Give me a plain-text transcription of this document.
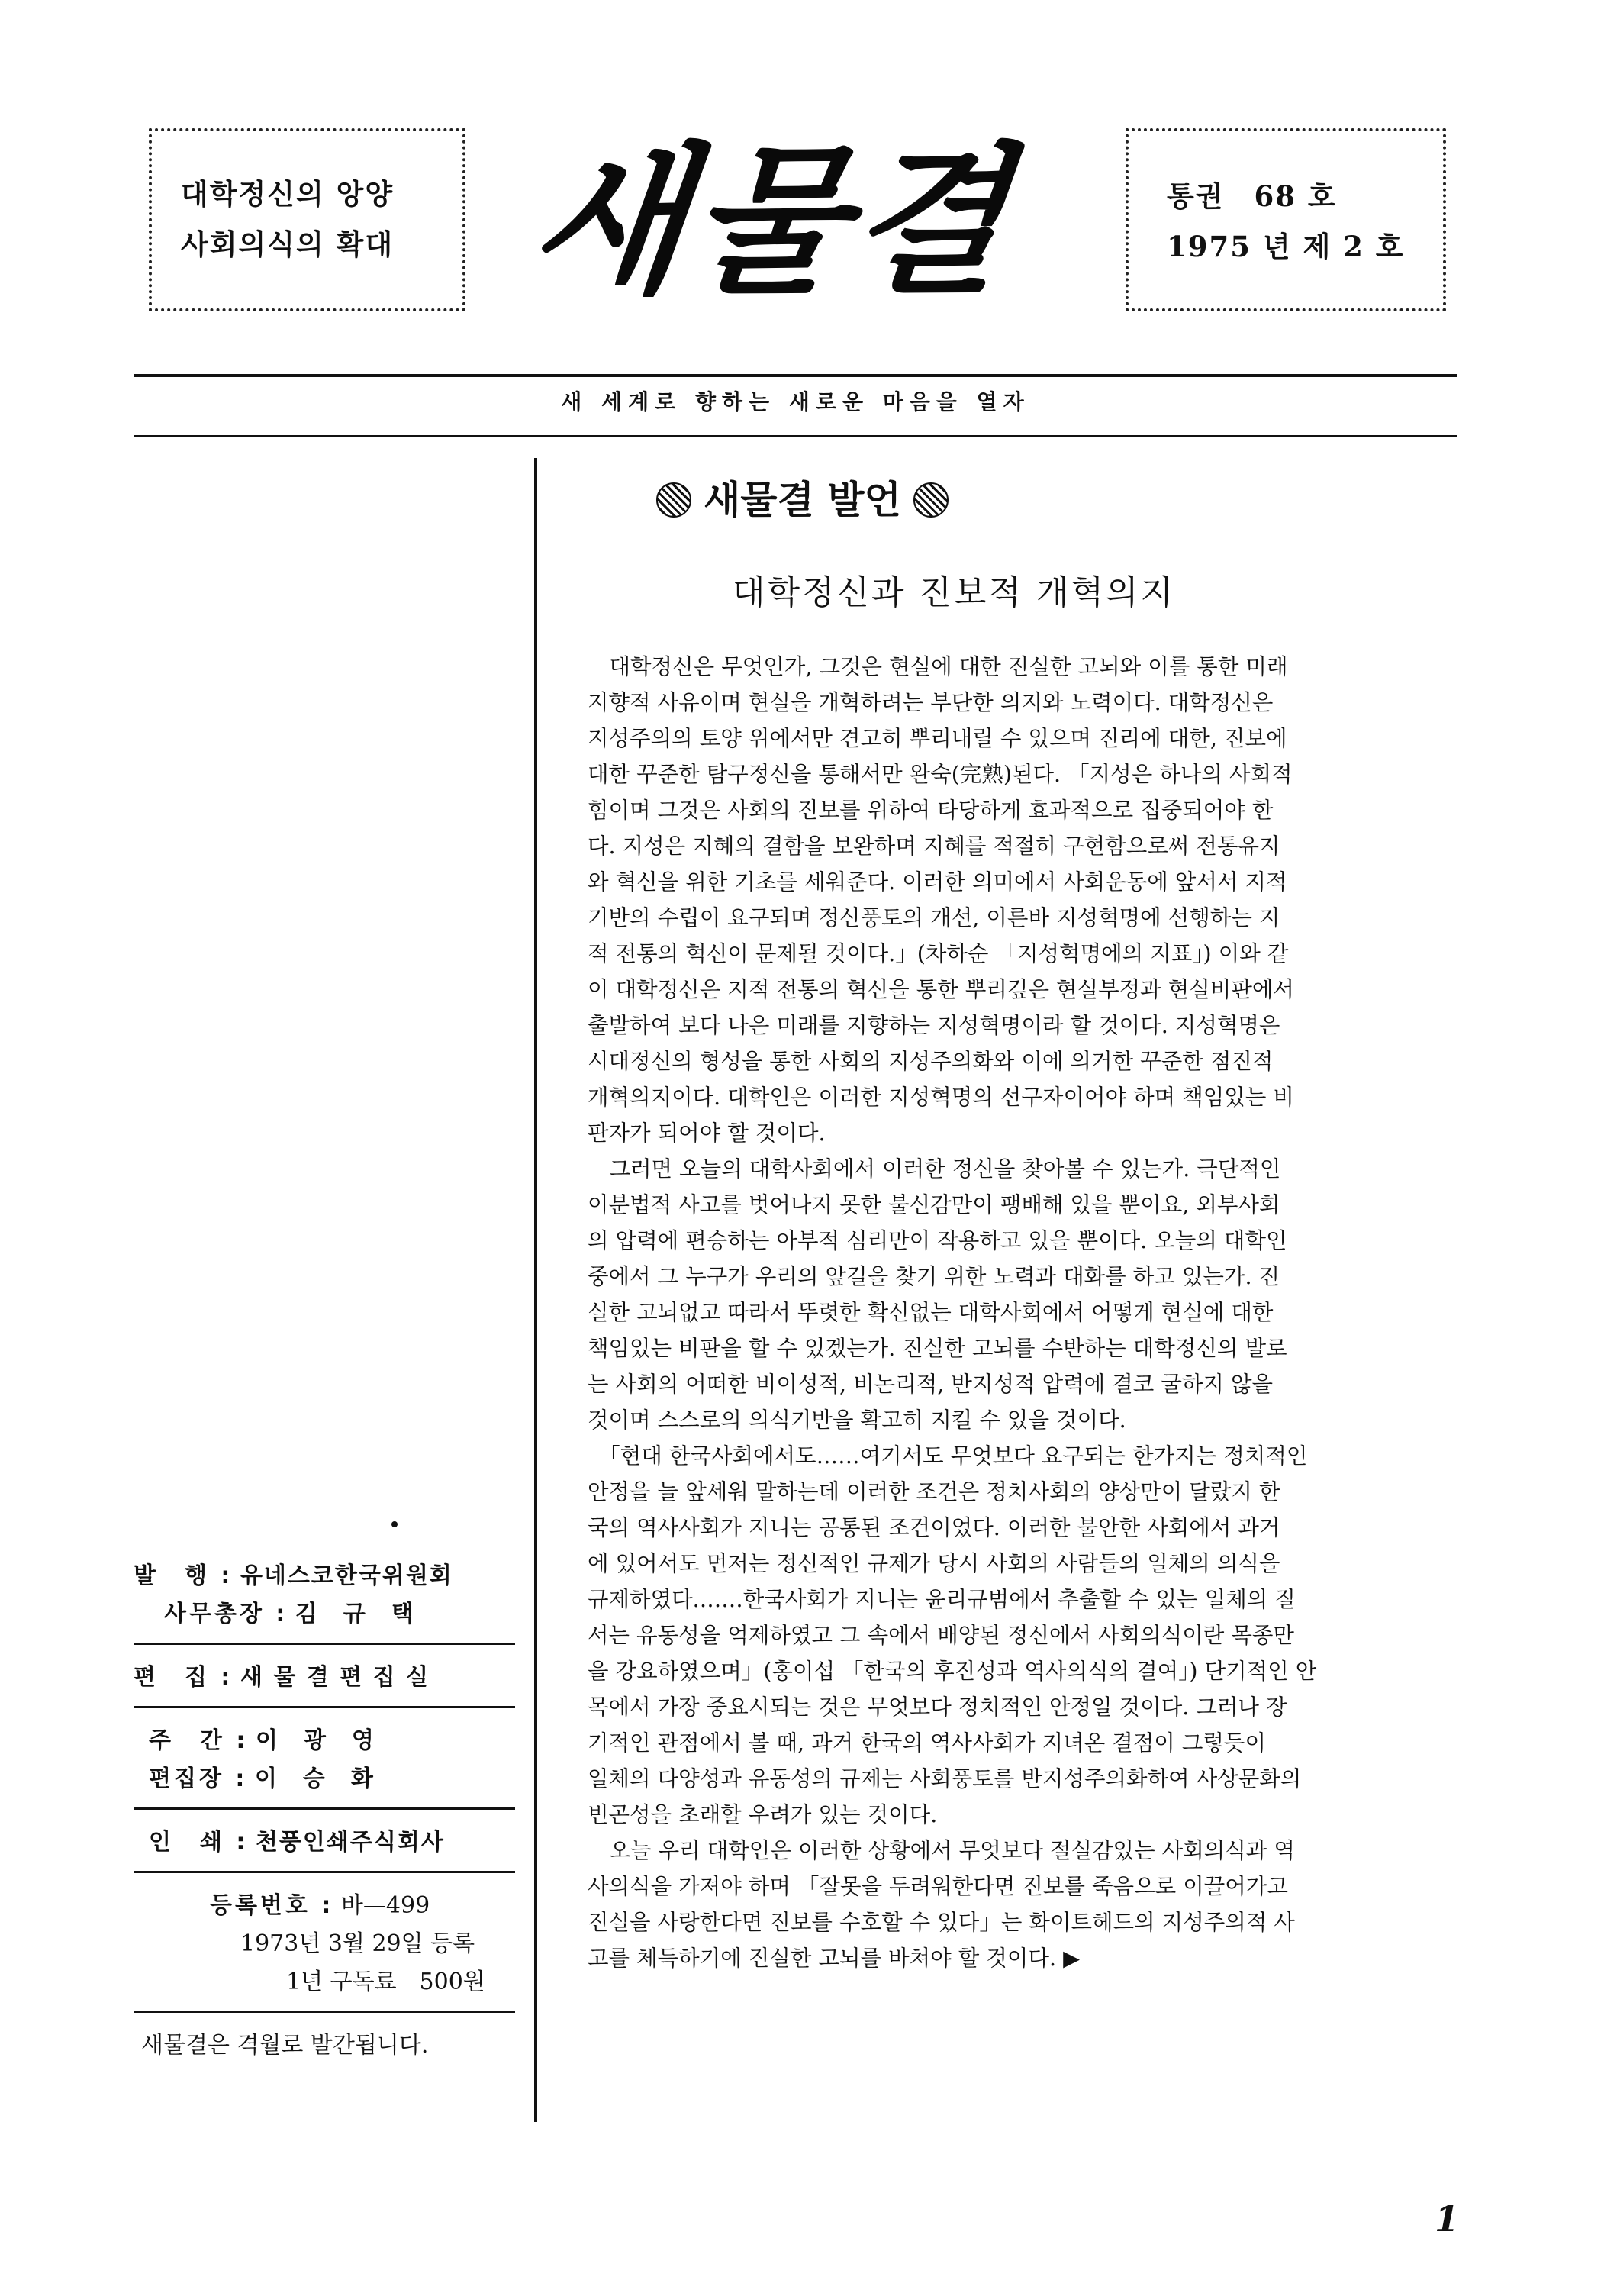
대학정신의 앙양
사회의식의 확대 새물결	통권　68 호
1975 년 제 2 호
새 세계로 향하는 새로운 마음을 열자
새물결 발언
대학정신과 진보적 개혁의지
　대학정신은 무엇인가, 그것은 현실에 대한 진실한 고뇌와 이를 통한 미래
지향적 사유이며 현실을 개혁하려는 부단한 의지와 노력이다. 대학정신은
지성주의의 토양 위에서만 견고히 뿌리내릴 수 있으며 진리에 대한, 진보에
대한 꾸준한 탐구정신을 통해서만 완숙(完熟)된다. 「지성은 하나의 사회적
힘이며 그것은 사회의 진보를 위하여 타당하게 효과적으로 집중되어야 한
다. 지성은 지혜의 결함을 보완하며 지혜를 적절히 구현함으로써 전통유지
와 혁신을 위한 기초를 세워준다. 이러한 의미에서 사회운동에 앞서서 지적
기반의 수립이 요구되며 정신풍토의 개선, 이른바 지성혁명에 선행하는 지
적 전통의 혁신이 문제될 것이다.」(차하순 「지성혁명에의 지표」) 이와 같
이 대학정신은 지적 전통의 혁신을 통한 뿌리깊은 현실부정과 현실비판에서
출발하여 보다 나은 미래를 지향하는 지성혁명이라 할 것이다. 지성혁명은
시대정신의 형성을 통한 사회의 지성주의화와 이에 의거한 꾸준한 점진적
개혁의지이다. 대학인은 이러한 지성혁명의 선구자이어야 하며 책임있는 비
판자가 되어야 할 것이다.
　그러면 오늘의 대학사회에서 이러한 정신을 찾아볼 수 있는가. 극단적인
이분법적 사고를 벗어나지 못한 불신감만이 팽배해 있을 뿐이요, 외부사회
의 압력에 편승하는 아부적 심리만이 작용하고 있을 뿐이다. 오늘의 대학인
중에서 그 누구가 우리의 앞길을 찾기 위한 노력과 대화를 하고 있는가. 진
실한 고뇌없고 따라서 뚜렷한 확신없는 대학사회에서 어떻게 현실에 대한
책임있는 비판을 할 수 있겠는가. 진실한 고뇌를 수반하는 대학정신의 발로
는 사회의 어떠한 비이성적, 비논리적, 반지성적 압력에 결코 굴하지 않을
것이며 스스로의 의식기반을 확고히 지킬 수 있을 것이다.
　「현대 한국사회에서도……여기서도 무엇보다 요구되는 한가지는 정치적인
안정을 늘 앞세워 말하는데 이러한 조건은 정치사회의 양상만이 달랐지 한
국의 역사사회가 지니는 공통된 조건이었다. 이러한 불안한 사회에서 과거
에 있어서도 먼저는 정신적인 규제가 당시 사회의 사람들의 일체의 의식을
규제하였다.……한국사회가 지니는 윤리규범에서 추출할 수 있는 일체의 질
서는 유동성을 억제하였고 그 속에서 배양된 정신에서 사회의식이란 목종만
을 강요하였으며」(홍이섭 「한국의 후진성과 역사의식의 결여」) 단기적인 안
목에서 가장 중요시되는 것은 무엇보다 정치적인 안정일 것이다. 그러나 장
기적인 관점에서 볼 때, 과거 한국의 역사사회가 지녀온 결점이 그렇듯이
일체의 다양성과 유동성의 규제는 사회풍토를 반지성주의화하여 사상문화의
빈곤성을 초래할 우려가 있는 것이다.
　오늘 우리 대학인은 이러한 상황에서 무엇보다 절실감있는 사회의식과 역
사의식을 가져야 하며 「잘못을 두려워한다면 진보를 죽음으로 이끌어가고
진실을 사랑한다면 진보를 수호할 수 있다」는 화이트헤드의 지성주의적 사
고를 체득하기에 진실한 고뇌를 바쳐야 할 것이다. ▶
발　행 : 유네스코한국위원회
사무총장 : 김　규　택
편　집 : 새 물 결 편 집 실
주　간 : 이　광　영
편집장 : 이　승　화
인　쇄 : 천풍인쇄주식회사
등록번호 : 바—499
1973년 3월 29일 등록
1년 구독료　500원
새물결은 격월로 발간됩니다.
1
